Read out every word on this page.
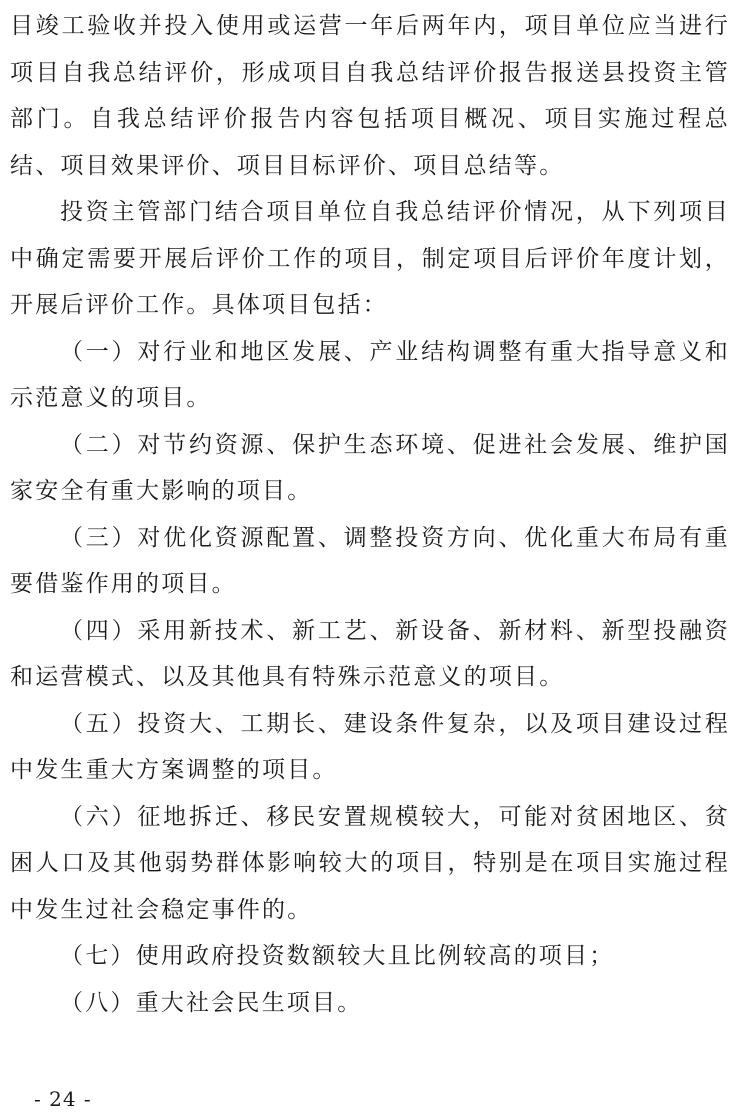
目竣工验收并投入使用或运营一年后两年内，项目单位应当进行项目自我总结评价，形成项目自我总结评价报告报送县投资主管部门。自我总结评价报告内容包括项目概况、项目实施过程总结、项目效果评价、项目目标评价、项目总结等。

投资主管部门结合项目单位自我总结评价情况，从下列项目中确定需要开展后评价工作的项目，制定项目后评价年度计划，开展后评价工作。具体项目包括：

（一）对行业和地区发展、产业结构调整有重大指导意义和示范意义的项目。

（二）对节约资源、保护生态环境、促进社会发展、维护国家安全有重大影响的项目。

（三）对优化资源配置、调整投资方向、优化重大布局有重要借鉴作用的项目。

（四）采用新技术、新工艺、新设备、新材料、新型投融资和运营模式、以及其他具有特殊示范意义的项目。

（五）投资大、工期长、建设条件复杂，以及项目建设过程中发生重大方案调整的项目。

（六）征地拆迁、移民安置规模较大，可能对贫困地区、贫困人口及其他弱势群体影响较大的项目，特别是在项目实施过程中发生过社会稳定事件的。

（七）使用政府投资数额较大且比例较高的项目；

（八）重大社会民生项目。

- 24 -
